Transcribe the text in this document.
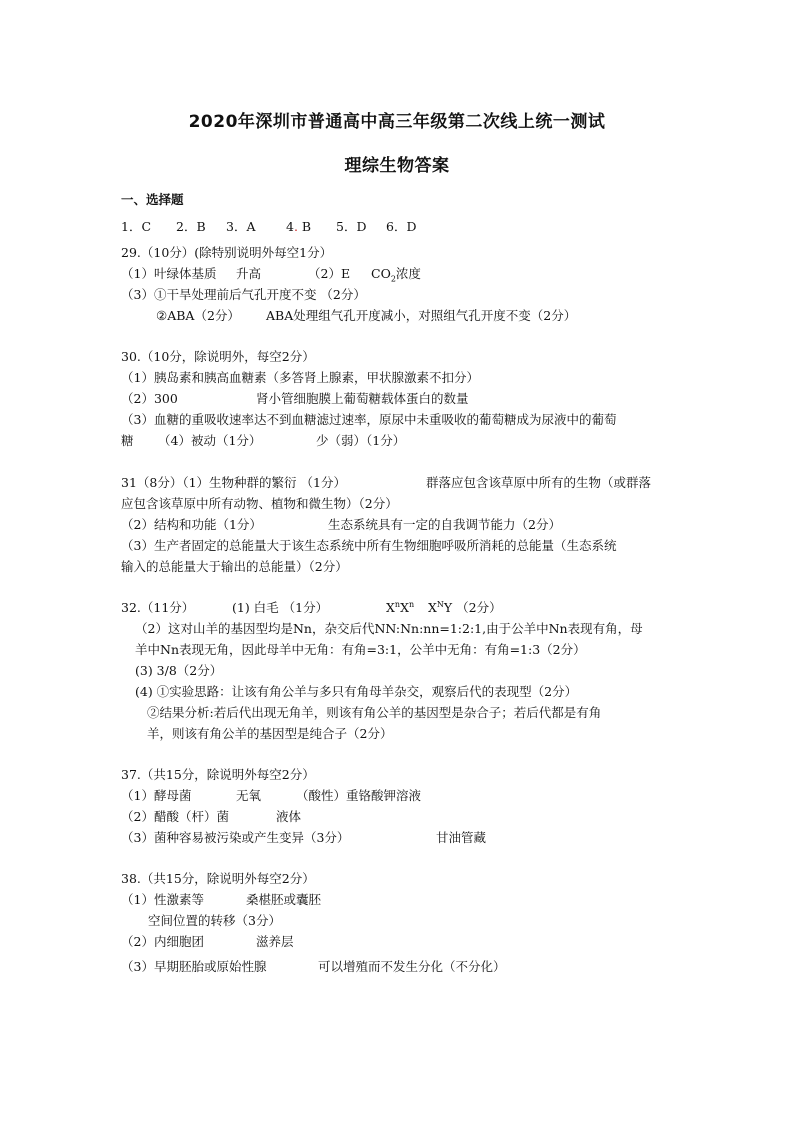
2020年深圳市普通高中高三年级第二次线上统一测试
理综生物答案
一、选择题
1．C 2．B 3．A 4. B 5．D 6．D
29.（10分）(除特别说明外每空1分）
（1）叶绿体基质 升高	（2）E $CO_2$浓度
（3）①干旱处理前后气孔开度不变 （2分）
②ABA（2分） ABA处理组气孔开度减小，对照组气孔开度不变（2分）
30.（10分，除说明外，每空2分）
（1）胰岛素和胰高血糖素（多答肾上腺素，甲状腺激素不扣分）
（2）300	肾小管细胞膜上葡萄糖载体蛋白的数量
（3）血糖的重吸收速率达不到血糖滤过速率，原尿中未重吸收的葡萄糖成为尿液中的葡萄
糖 （4）被动（1分）	少（弱）（1分）
31（8分）（1）生物种群的繁衍 （1分）	群落应包含该草原中所有的生物（或群落
应包含该草原中所有动物、植物和微生物）（2分）
（2）结构和功能（1分）	生态系统具有一定的自我调节能力（2分）
（3）生产者固定的总能量大于该生态系统中所有生物细胞呼吸所消耗的总能量（生态系统
输入的总能量大于输出的总能量）（2分）
32.（11分）	(1) 白毛 （1分）	$X^nX^n$ $X^NY$ （2分）
（2）这对山羊的基因型均是Nn，杂交后代NN:Nn:nn=1:2:1,由于公羊中Nn表现有角，母
羊中Nn表现无角，因此母羊中无角：有角=3:1，公羊中无角：有角=1:3（2分）
(3) 3/8（2分）
(4) ①实验思路：让该有角公羊与多只有角母羊杂交，观察后代的表现型（2分）
②结果分析:若后代出现无角羊，则该有角公羊的基因型是杂合子；若后代都是有角
羊，则该有角公羊的基因型是纯合子（2分）
37.（共15分，除说明外每空2分）
（1）酵母菌	无氧	（酸性）重铬酸钾溶液
（2）醋酸（杆）菌	液体
（3）菌种容易被污染或产生变异（3分）	甘油管藏
38.（共15分，除说明外每空2分）
（1）性激素等	桑椹胚或囊胚
空间位置的转移（3分）
（2）内细胞团	滋养层
（3）早期胚胎或原始性腺	可以增殖而不发生分化（不分化）
